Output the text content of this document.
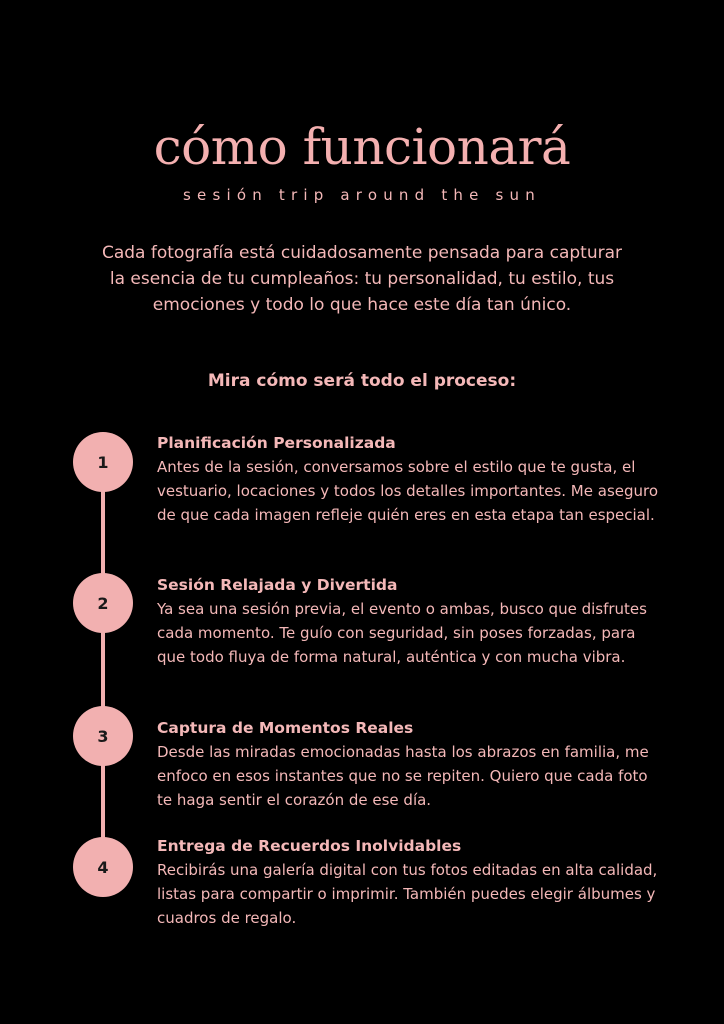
cómo funcionará

sesión trip around the sun

Cada fotografía está cuidadosamente pensada para capturar la esencia de tu cumpleaños: tu personalidad, tu estilo, tus emociones y todo lo que hace este día tan único.

Mira cómo será todo el proceso:

1

Planificación Personalizada

Antes de la sesión, conversamos sobre el estilo que te gusta, el vestuario, locaciones y todos los detalles importantes. Me aseguro de que cada imagen refleje quién eres en esta etapa tan especial.

2

Sesión Relajada y Divertida

Ya sea una sesión previa, el evento o ambas, busco que disfrutes cada momento. Te guío con seguridad, sin poses forzadas, para que todo fluya de forma natural, auténtica y con mucha vibra.

3	Captura de Momentos Reales

Desde las miradas emocionadas hasta los abrazos en familia, me enfoco en esos instantes que no se repiten. Quiero que cada foto te haga sentir el corazón de ese día.

4

Entrega de Recuerdos Inolvidables

Recibirás una galería digital con tus fotos editadas en alta calidad, listas para compartir o imprimir. También puedes elegir álbumes y cuadros de regalo.
